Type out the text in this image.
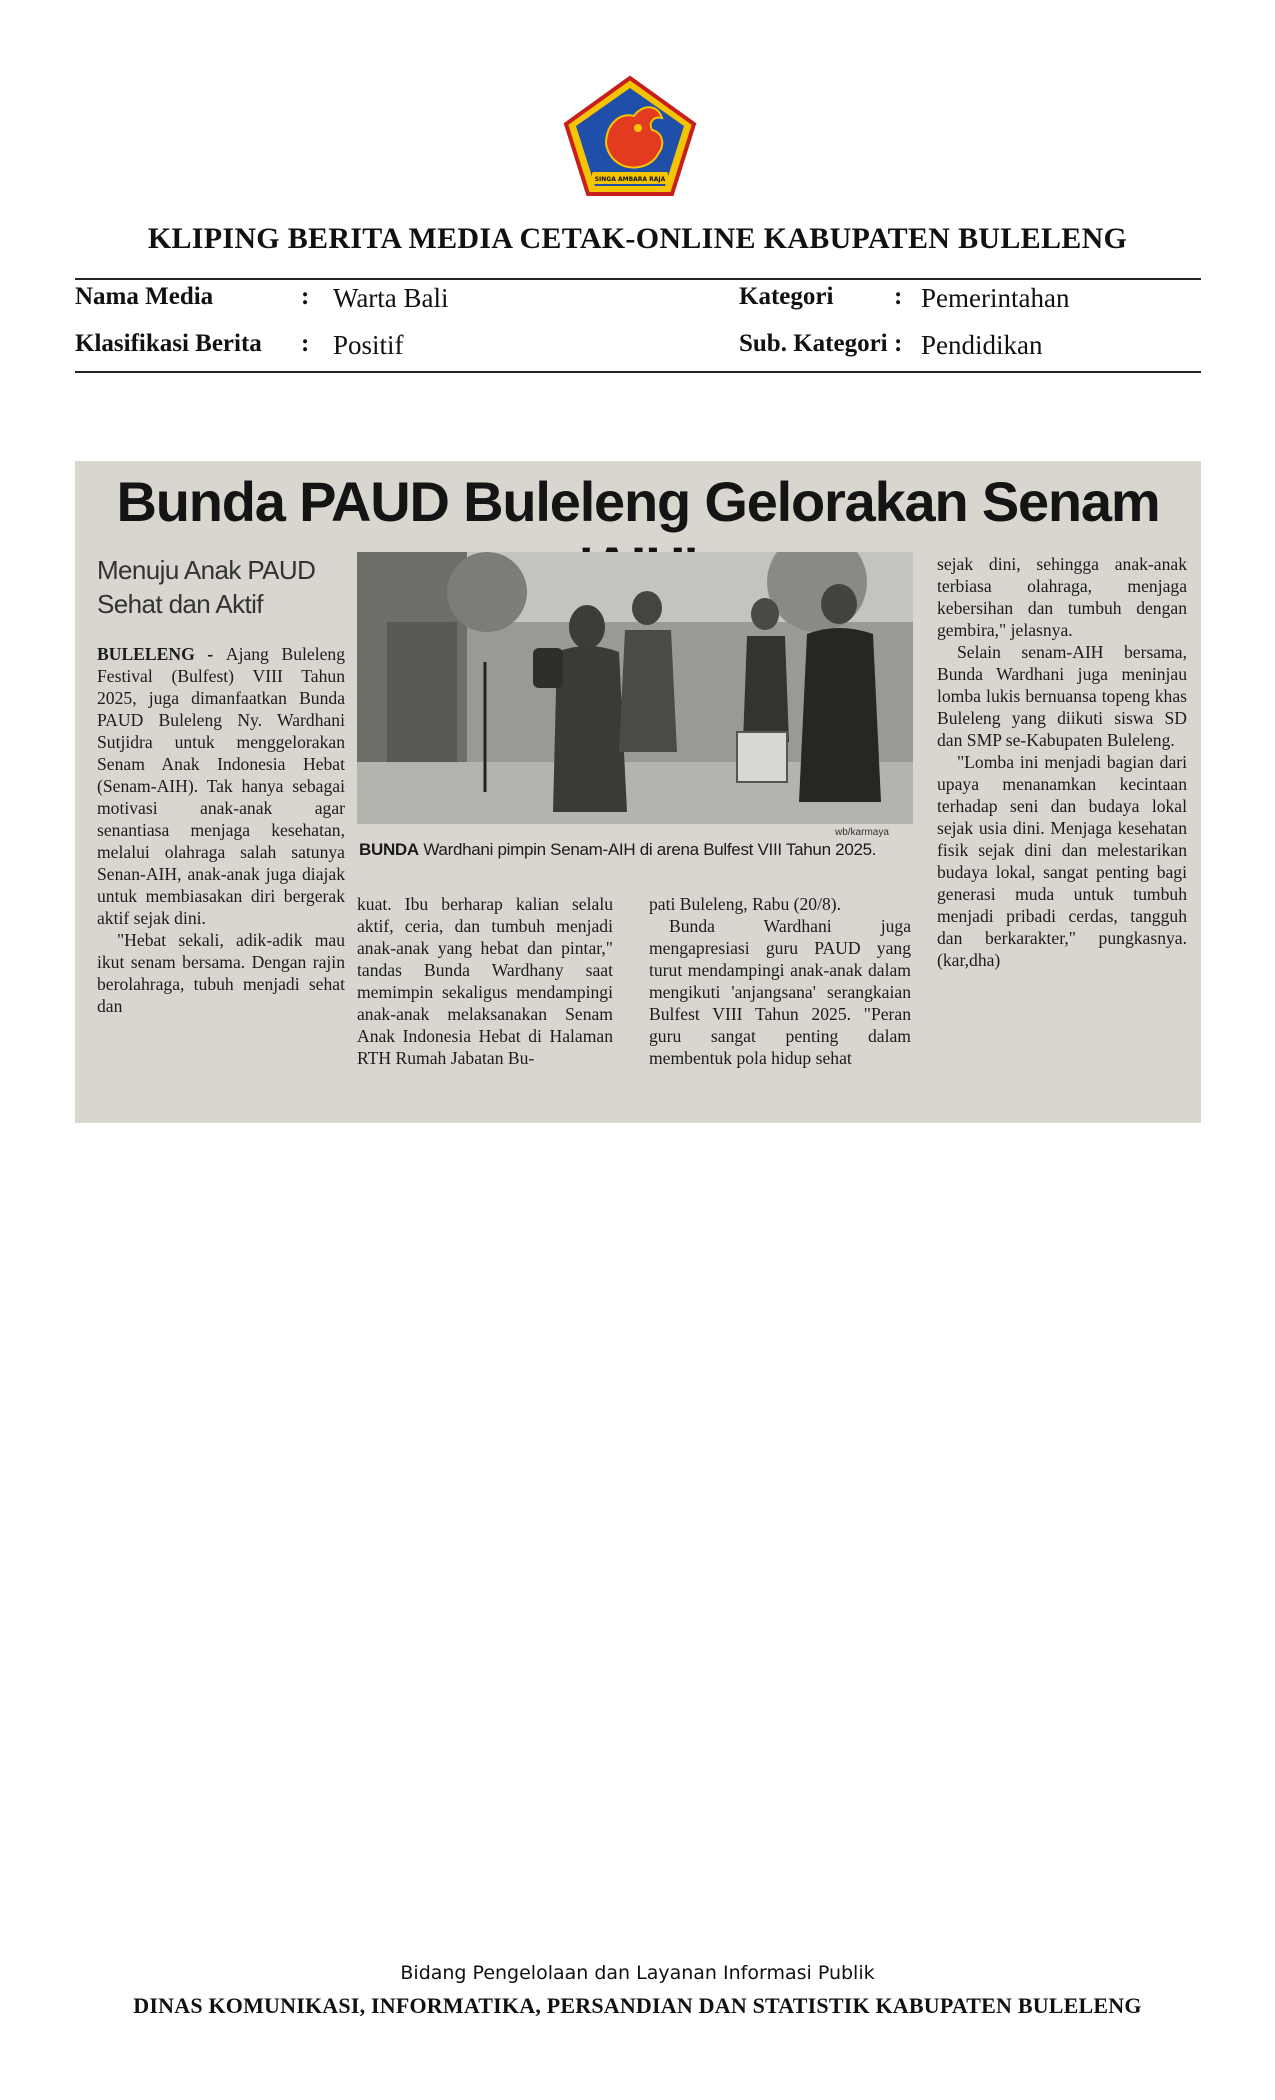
SINGA AMBARA RAJA
KLIPING BERITA MEDIA CETAK-ONLINE KABUPATEN BULELENG
Nama Media	: Warta Bali	Kategori : Pemerintahan
Klasifikasi Berita : Positif	Sub. Kategori : Pendidikan
Bunda PAUD Buleleng Gelorakan Senam
Menuju Anak PAUD
Sehat dan Aktif

BULELENG - Ajang Buleleng Festival (Bulfest) VIII Tahun 2025, juga dimanfaatkan Bunda PAUD Buleleng Ny. Wardhani Sutjidra untuk menggelorakan Senam Anak Indonesia Hebat (Senam-AIH). Tak hanya sebagai motivasi anak-anak agar senantiasa menjaga kesehatan, melalui olahraga salah satunya Senan-AIH, anak-anak juga diajak untuk membiasakan diri bergerak aktif sejak dini.

"Hebat sekali, adik-adik mau ikut senam bersama. Dengan rajin berolahraga, tubuh menjadi sehat dan

wb/karmaya
BUNDA Wardhani pimpin Senam-AIH di arena Bulfest VIII Tahun 2025.

kuat. Ibu berharap kalian selalu aktif, ceria, dan tumbuh menjadi anak-anak yang hebat dan pintar," tandas Bunda Wardhany saat memimpin sekaligus mendampingi anak-anak melaksanakan Senam Anak Indonesia Hebat di Halaman RTH Rumah Jabatan Bu-

pati Buleleng, Rabu (20/8).

Bunda Wardhani juga mengapresiasi guru PAUD yang turut mendampingi anak-anak dalam mengikuti 'anjangsana' serangkaian Bulfest VIII Tahun 2025. "Peran guru sangat penting dalam membentuk pola hidup sehat

sejak dini, sehingga anak-anak terbiasa olahraga, menjaga kebersihan dan tumbuh dengan gembira," jelasnya.

Selain senam-AIH bersama, Bunda Wardhani juga meninjau lomba lukis bernuansa topeng khas Buleleng yang diikuti siswa SD dan SMP se-Kabupaten Buleleng.

"Lomba ini menjadi bagian dari upaya menanamkan kecintaan terhadap seni dan budaya lokal sejak usia dini. Menjaga kesehatan fisik sejak dini dan melestarikan budaya lokal, sangat penting bagi generasi muda untuk tumbuh menjadi pribadi cerdas, tangguh dan berkarakter," pungkasnya. (kar,dha)

Bidang Pengelolaan dan Layanan Informasi Publik
DINAS KOMUNIKASI, INFORMATIKA, PERSANDIAN DAN STATISTIK KABUPATEN BULELENG
